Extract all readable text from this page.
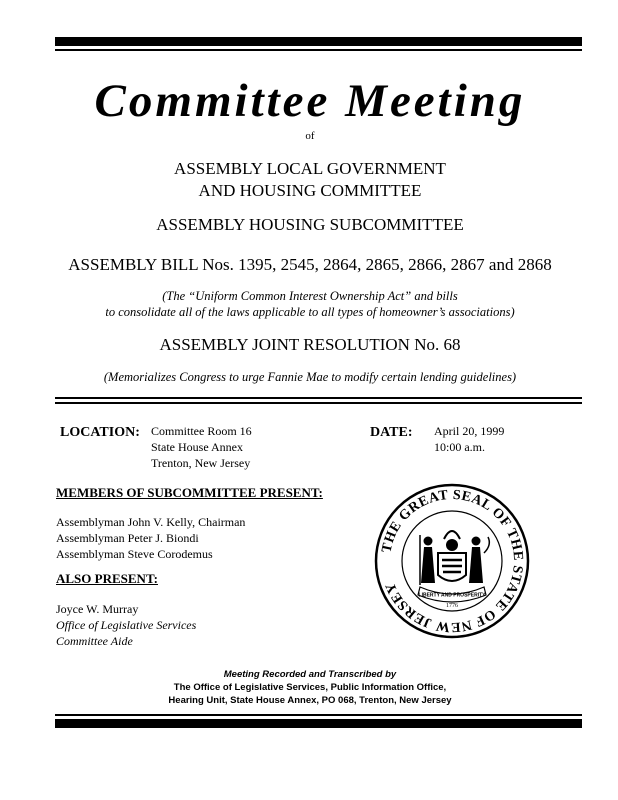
Committee Meeting
of
ASSEMBLY LOCAL GOVERNMENT
AND HOUSING COMMITTEE
ASSEMBLY HOUSING SUBCOMMITTEE
ASSEMBLY BILL Nos. 1395, 2545, 2864, 2865, 2866, 2867 and 2868
(The “Uniform Common Interest Ownership Act” and bills
to consolidate all of the laws applicable to all types of homeowner’s associations)
ASSEMBLY JOINT RESOLUTION No. 68
(Memorializes Congress to urge Fannie Mae to modify certain lending guidelines)
LOCATION: Committee Room 16
State House Annex
Trenton, New Jersey
DATE: April 20, 1999
10:00 a.m.
MEMBERS OF SUBCOMMITTEE PRESENT:
Assemblyman John V. Kelly, Chairman
Assemblyman Peter J. Biondi
Assemblyman Steve Corodemus
ALSO PRESENT:
Joyce W. Murray
Office of Legislative Services
Committee Aide
THE GREAT SEAL OF THE STATE OF NEW JERSEY	LIBERTY AND PROSPERITY
1776
Meeting Recorded and Transcribed by
The Office of Legislative Services, Public Information Office,
Hearing Unit, State House Annex, PO 068, Trenton, New Jersey
